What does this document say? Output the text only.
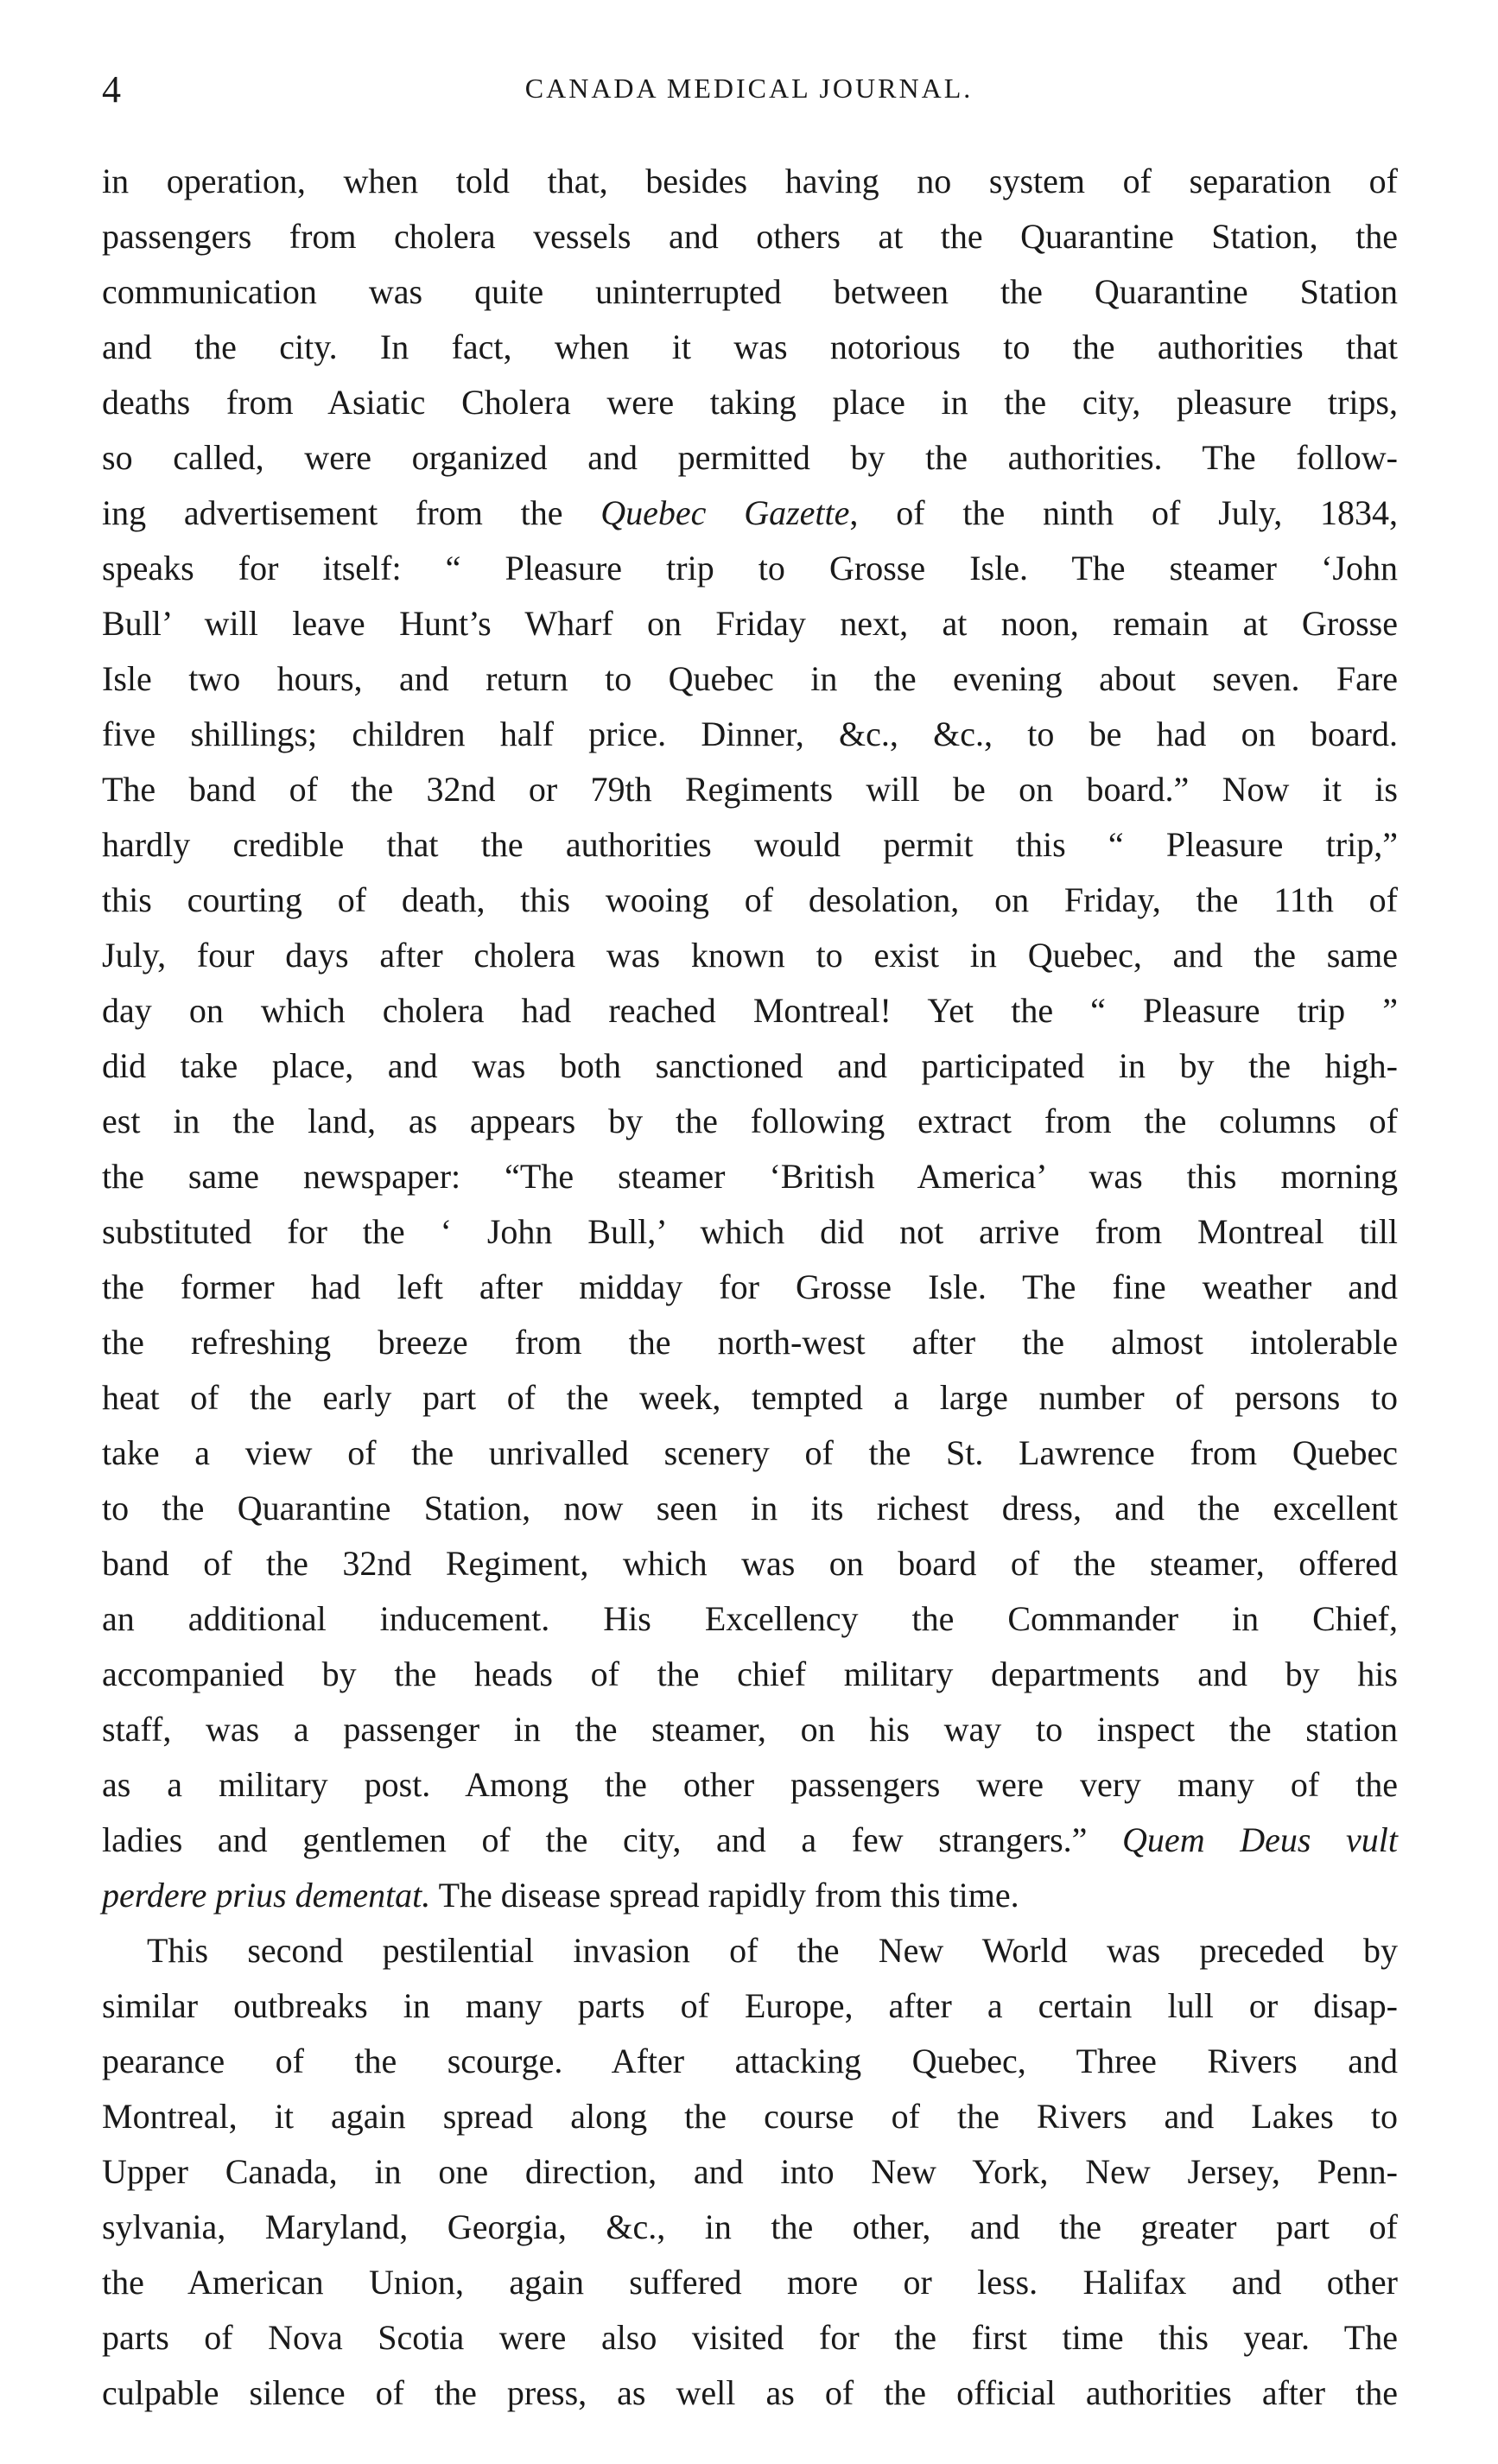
4	CANADA MEDICAL JOURNAL.
in operation, when told that, besides having no system of separation of
passengers from cholera vessels and others at the Quarantine Station, the
communication was quite uninterrupted between the Quarantine Station
and the city. In fact, when it was notorious to the authorities that
deaths from Asiatic Cholera were taking place in the city, pleasure trips,
so called, were organized and permitted by the authorities. The follow-
ing advertisement from the Quebec Gazette, of the ninth of July, 1834,
speaks for itself: “ Pleasure trip to Grosse Isle. The steamer ‘John
Bull’ will leave Hunt’s Wharf on Friday next, at noon, remain at Grosse
Isle two hours, and return to Quebec in the evening about seven. Fare
five shillings; children half price. Dinner, &c., &c., to be had on board.
The band of the 32nd or 79th Regiments will be on board.” Now it is
hardly credible that the authorities would permit this “ Pleasure trip,”
this courting of death, this wooing of desolation, on Friday, the 11th of
July, four days after cholera was known to exist in Quebec, and the same
day on which cholera had reached Montreal! Yet the “ Pleasure trip ”
did take place, and was both sanctioned and participated in by the high-
est in the land, as appears by the following extract from the columns of
the same newspaper: “The steamer ‘British America’ was this morning
substituted for the ‘ John Bull,’ which did not arrive from Montreal till
the former had left after midday for Grosse Isle. The fine weather and
the refreshing breeze from the north-west after the almost intolerable
heat of the early part of the week, tempted a large number of persons to
take a view of the unrivalled scenery of the St. Lawrence from Quebec
to the Quarantine Station, now seen in its richest dress, and the excellent
band of the 32nd Regiment, which was on board of the steamer, offered
an additional inducement. His Excellency the Commander in Chief,
accompanied by the heads of the chief military departments and by his
staff, was a passenger in the steamer, on his way to inspect the station
as a military post. Among the other passengers were very many of the
ladies and gentlemen of the city, and a few strangers.” Quem Deus vult
perdere prius dementat. The disease spread rapidly from this time.
This second pestilential invasion of the New World was preceded by
similar outbreaks in many parts of Europe, after a certain lull or disap-
pearance of the scourge. After attacking Quebec, Three Rivers and
Montreal, it again spread along the course of the Rivers and Lakes to
Upper Canada, in one direction, and into New York, New Jersey, Penn-
sylvania, Maryland, Georgia, &c., in the other, and the greater part of
the American Union, again suffered more or less. Halifax and other
parts of Nova Scotia were also visited for the first time this year. The
culpable silence of the press, as well as of the official authorities after the
